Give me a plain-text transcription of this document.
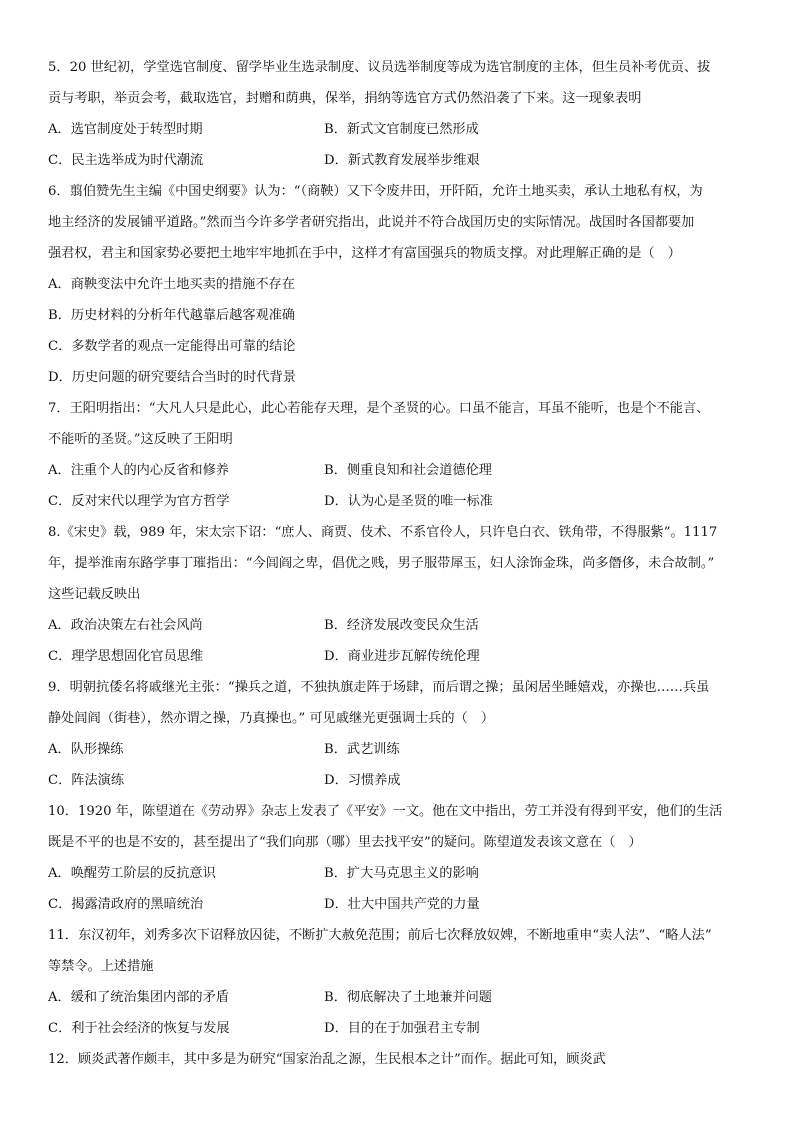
5．20 世纪初，学堂选官制度、留学毕业生选录制度、议员选举制度等成为选官制度的主体，但生员补考优贡、拔

贡与考职，举贡会考，截取选官，封赠和荫典，保举，捐纳等选官方式仍然沿袭了下来。这一现象表明

A．选官制度处于转型时期	B．新式文官制度已然形成
C．民主选举成为时代潮流	D．新式教育发展举步维艰

6．翦伯赞先生主编《中国史纲要》认为：“（商鞅）又下令废井田，开阡陌，允许土地买卖，承认土地私有权，为

地主经济的发展铺平道路。”然而当今许多学者研究指出，此说并不符合战国历史的实际情况。战国时各国都要加

强君权，君主和国家势必要把土地牢牢地抓在手中，这样才有富国强兵的物质支撑。对此理解正确的是（　）

A．商鞅变法中允许土地买卖的措施不存在
B．历史材料的分析年代越靠后越客观准确
C．多数学者的观点一定能得出可靠的结论
D．历史问题的研究要结合当时的时代背景

7．王阳明指出：“大凡人只是此心，此心若能存天理，是个圣贤的心。口虽不能言，耳虽不能听，也是个不能言、

不能听的圣贤。”这反映了王阳明

A．注重个人的内心反省和修养	B．侧重良知和社会道德伦理
C．反对宋代以理学为官方哲学	D．认为心是圣贤的唯一标准

8.《宋史》载，989 年，宋太宗下诏：“庶人、商贾、伎术、不系官伶人，只许皂白衣、铁角带，不得服紫”。1117

年，提举淮南东路学事丁璀指出：“今闾阎之卑，倡优之贱，男子服带犀玉，妇人涂饰金珠，尚多僭侈，未合故制。”

这些记载反映出

A．政治决策左右社会风尚	B．经济发展改变民众生活
C．理学思想固化官员思维	D．商业进步瓦解传统伦理

9．明朝抗倭名将戚继光主张：“操兵之道，不独执旗走阵于场肆，而后谓之操；虽闲居坐睡嬉戏，亦操也……兵虽

静处闾阎（街巷），然亦谓之操，乃真操也。” 可见戚继光更强调士兵的（　）

A．队形操练	B．武艺训练
C．阵法演练	D．习惯养成

10．1920 年，陈望道在《劳动界》杂志上发表了《平安》一文。他在文中指出，劳工并没有得到平安，他们的生活

既是不平的也是不安的，甚至提出了“我们向那（哪）里去找平安”的疑问。陈望道发表该文意在（　）

A．唤醒劳工阶层的反抗意识	B．扩大马克思主义的影响
C．揭露清政府的黑暗统治	D．壮大中国共产党的力量

11．东汉初年，刘秀多次下诏释放囚徒，不断扩大赦免范围；前后七次释放奴婢，不断地重申“卖人法”、“略人法”

等禁令。上述措施

A．缓和了统治集团内部的矛盾	B．彻底解决了土地兼并问题
C．利于社会经济的恢复与发展	D．目的在于加强君主专制

12．顾炎武著作颇丰，其中多是为研究“国家治乱之源，生民根本之计”而作。据此可知，顾炎武
